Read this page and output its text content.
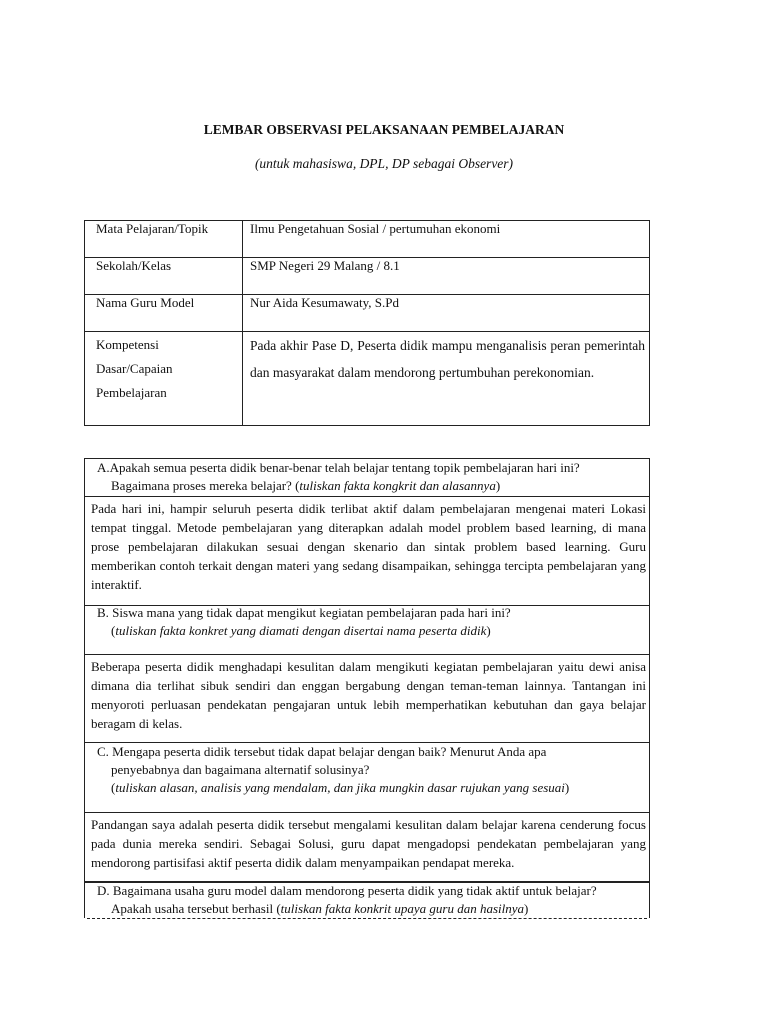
LEMBAR OBSERVASI PELAKSANAAN PEMBELAJARAN
(untuk mahasiswa, DPL, DP sebagai Observer)
Mata Pelajaran/Topik	Ilmu Pengetahuan Sosial / pertumuhan ekonomi
Sekolah/Kelas	SMP Negeri 29 Malang / 8.1
Nama Guru Model	Nur Aida Kesumawaty, S.Pd

Kompetensi
Dasar/Capaian
Pembelajaran	Pada akhir Pase D, Peserta didik mampu menganalisis peran pemerintah dan masyarakat dalam mendorong pertumbuhan perekonomian.
A.Apakah semua peserta didik benar-benar telah belajar tentang topik pembelajaran hari ini?
Bagaimana proses mereka belajar? (tuliskan fakta kongkrit dan alasannya)
Pada hari ini, hampir seluruh peserta didik terlibat aktif dalam pembelajaran mengenai materi Lokasi tempat tinggal. Metode pembelajaran yang diterapkan adalah model problem based learning, di mana prose pembelajaran dilakukan sesuai dengan skenario dan sintak problem based learning. Guru memberikan contoh terkait dengan materi yang sedang disampaikan, sehingga tercipta pembelajaran yang interaktif.
B. Siswa mana yang tidak dapat mengikut kegiatan pembelajaran pada hari ini?
(tuliskan fakta konkret yang diamati dengan disertai nama peserta didik)
Beberapa peserta didik menghadapi kesulitan dalam mengikuti kegiatan pembelajaran yaitu dewi anisa dimana dia terlihat sibuk sendiri dan enggan bergabung dengan teman-teman lainnya. Tantangan ini menyoroti perluasan pendekatan pengajaran untuk lebih memperhatikan kebutuhan dan gaya belajar beragam di kelas.
C. Mengapa peserta didik tersebut tidak dapat belajar dengan baik? Menurut Anda apa
penyebabnya dan bagaimana alternatif solusinya?
(tuliskan alasan, analisis yang mendalam, dan jika mungkin dasar rujukan yang sesuai)
Pandangan saya adalah peserta didik tersebut mengalami kesulitan dalam belajar karena cenderung focus pada dunia mereka sendiri. Sebagai Solusi, guru dapat mengadopsi pendekatan pembelajaran yang mendorong partisifasi aktif peserta didik dalam menyampaikan pendapat mereka.
D. Bagaimana usaha guru model dalam mendorong peserta didik yang tidak aktif untuk belajar?
Apakah usaha tersebut berhasil (tuliskan fakta konkrit upaya guru dan hasilnya)
